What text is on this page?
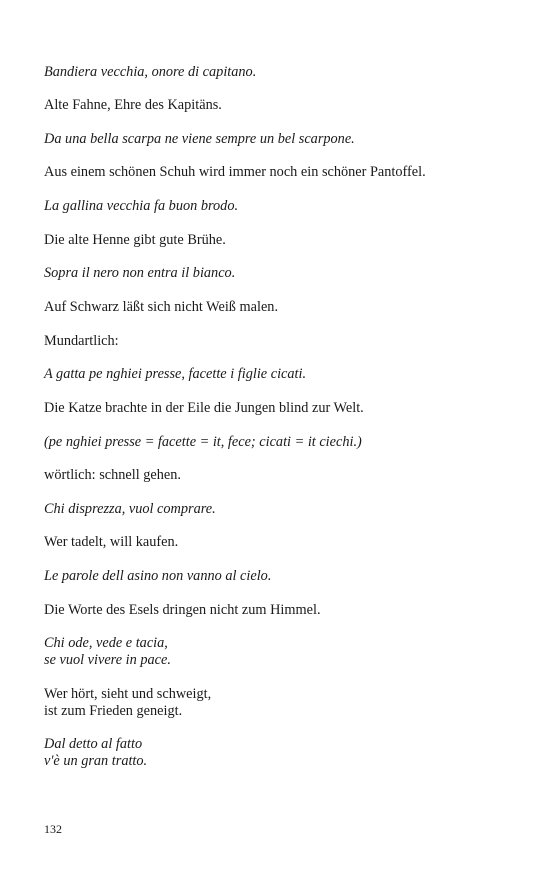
Bandiera vecchia, onore di capitano.

Alte Fahne, Ehre des Kapitäns.

Da una bella scarpa ne viene sempre un bel scarpone.

Aus einem schönen Schuh wird immer noch ein schöner Pantoffel.

La gallina vecchia fa buon brodo.

Die alte Henne gibt gute Brühe.

Sopra il nero non entra il bianco.

Auf Schwarz läßt sich nicht Weiß malen.

Mundartlich:

A gatta pe nghiei presse, facette i figlie cicati.

Die Katze brachte in der Eile die Jungen blind zur Welt.

(pe nghiei presse = facette = it, fece; cicati = it ciechi.)

wörtlich: schnell gehen.

Chi disprezza, vuol comprare.

Wer tadelt, will kaufen.

Le parole dell asino non vanno al cielo.

Die Worte des Esels dringen nicht zum Himmel.

Chi ode, vede e tacia,
se vuol vivere in pace.

Wer hört, sieht und schweigt,
ist zum Frieden geneigt.

Dal detto al fatto
v'è un gran tratto.

132
